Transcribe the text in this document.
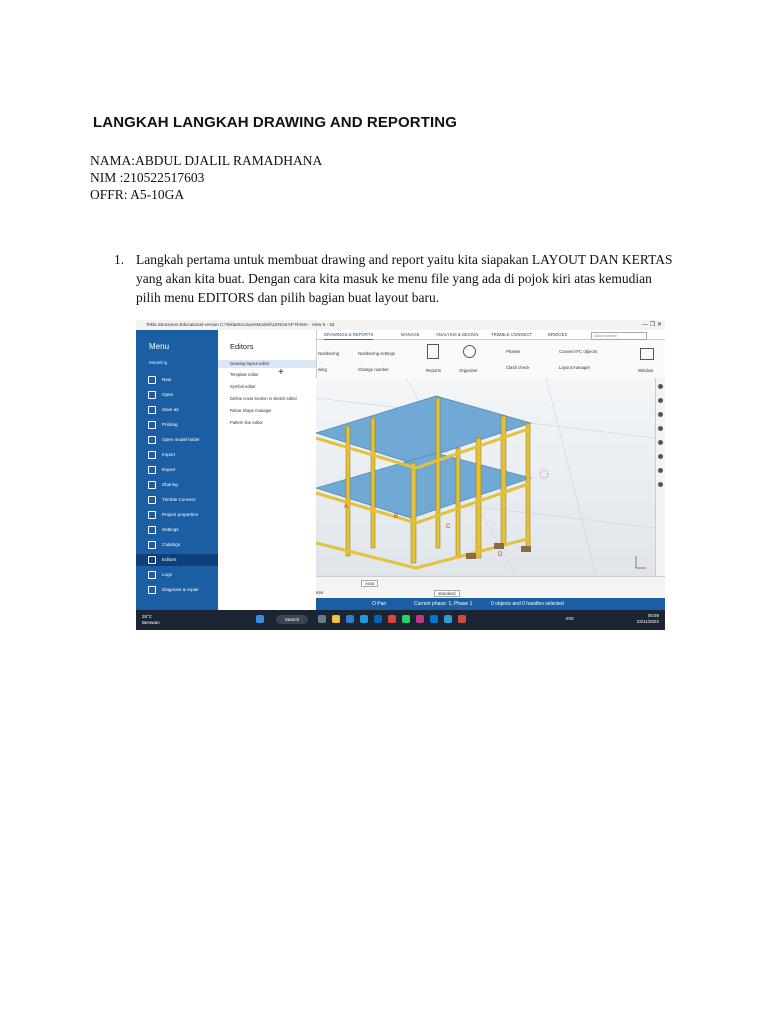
LANGKAH LANGKAH DRAWING AND REPORTING
NAMA:ABDUL DJALIL RAMADHANA
NIM :210522517603
OFFR: A5-10GA
1. Langkah pertama untuk membuat drawing and report yaitu kita siapakan LAYOUT DAN KERTAS yang akan kita buat. Dengan cara kita masuk ke menu file yang ada di pojok kiri atas kemudian pilih menu EDITORS dan pilih bagian buat layout baru.
Tekla Structures Educational version C:\TeklaStructuresModels\LENGKAP RAMA - View 6 - 3d	— ❐ ✕
DRAWINGS & REPORTS	MANAGE	ANALYSIS & DESIGN	TRIMBLE CONNECT	BRIDGES	Quick search
Numbering	Numbering settings
wing	Change number	Reports	Organizer
Phases
Clash check
Convert IFC objects
Layout manager
Window
Menu
Modeling
New
Open
Save as
Printing
Open model folder
Import
Export
Sharing
Trimble Connect
Project properties
Settings
Catalogs
Editors
Logs
Diagnose & repair
Editors
Drawing layout editor
Template editor
Symbol editor
Define cross section in sketch editor
Rebar shape manager
Pattern line editor
+
A
B
C
D
Auto
ires	standard
O Pan	Current phase: 1, Phase 1	0 objects and 0 handles selected
26°C
Berawan	Search	IND
08:59
23/11/2022
